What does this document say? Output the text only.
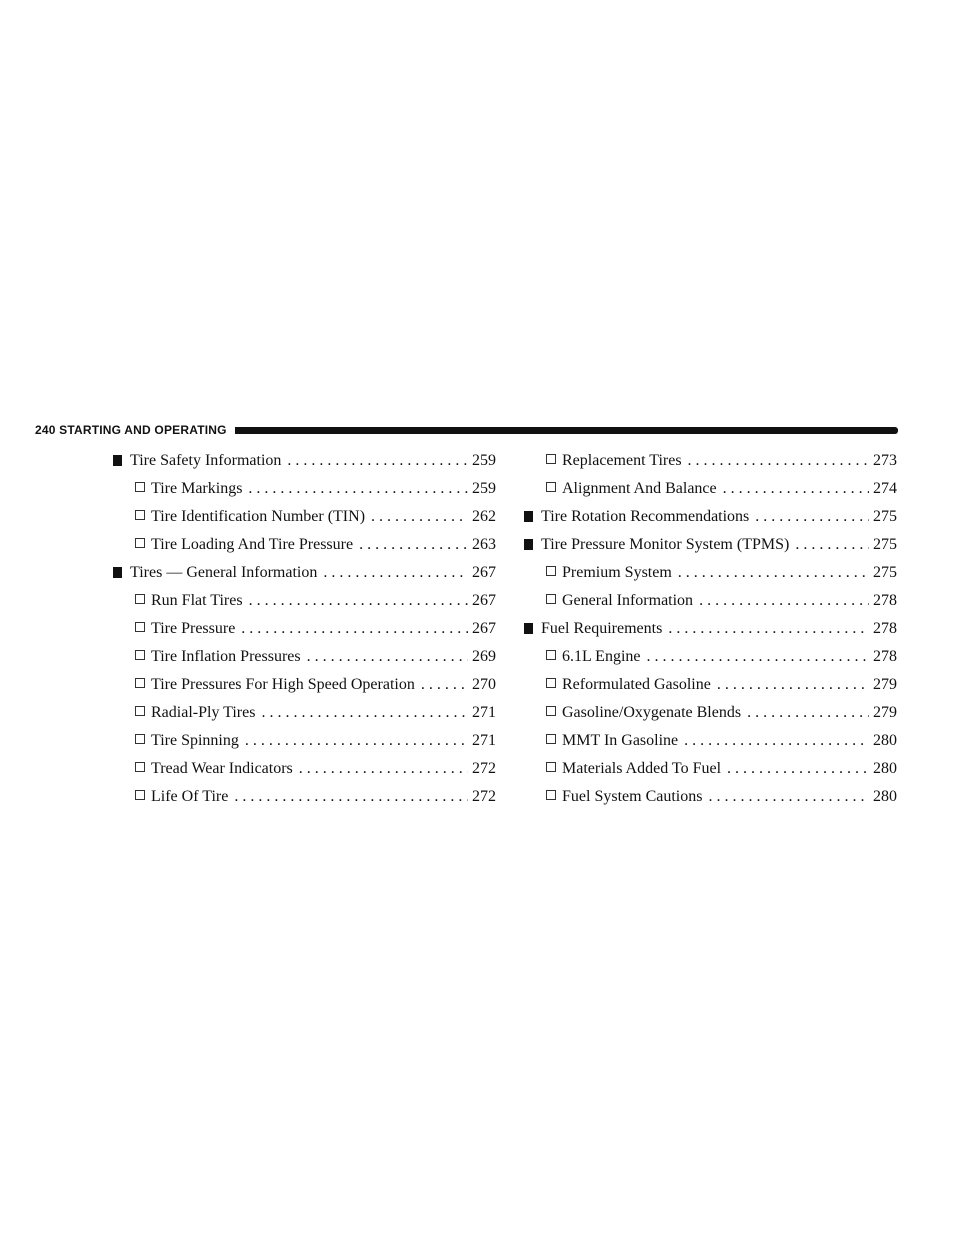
240 STARTING AND OPERATING
Tire Safety Information . . .	259
Tire Markings . . .	259
Tire Identification Number (TIN) . . .	262
Tire Loading And Tire Pressure . . .	263
Tires — General Information . . .	267
Run Flat Tires . . .	267
Tire Pressure . . .	267
Tire Inflation Pressures . . .	269
Tire Pressures For High Speed Operation . . .	270
Radial-Ply Tires . . .	271
Tire Spinning . . .	271
Tread Wear Indicators . . .	272
Life Of Tire . . .	272
Replacement Tires . . .	273
Alignment And Balance . . .	274
Tire Rotation Recommendations . . .	275
Tire Pressure Monitor System (TPMS) . . .	275
Premium System . . .	275
General Information . . .	278
Fuel Requirements . . .	278
6.1L Engine . . .	278
Reformulated Gasoline . . .	279
Gasoline/Oxygenate Blends . . .	279
MMT In Gasoline . . .	280
Materials Added To Fuel . . .	280
Fuel System Cautions . . .	280
